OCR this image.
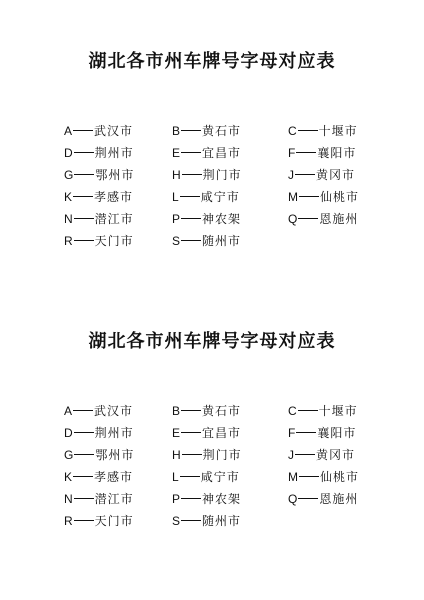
湖北各市州车牌号字母对应表
A 武汉市	B 黄石市	C 十堰市
D 荆州市	E 宜昌市	F 襄阳市
G 鄂州市	H 荆门市	J 黄冈市
K 孝感市	L 咸宁市	M 仙桃市
N 潜江市	P 神农架	Q 恩施州
R 天门市	S 随州市
湖北各市州车牌号字母对应表
A 武汉市	B 黄石市	C 十堰市
D 荆州市	E 宜昌市	F 襄阳市
G 鄂州市	H 荆门市	J 黄冈市
K 孝感市	L 咸宁市	M 仙桃市
N 潜江市	P 神农架	Q 恩施州
R 天门市	S 随州市
